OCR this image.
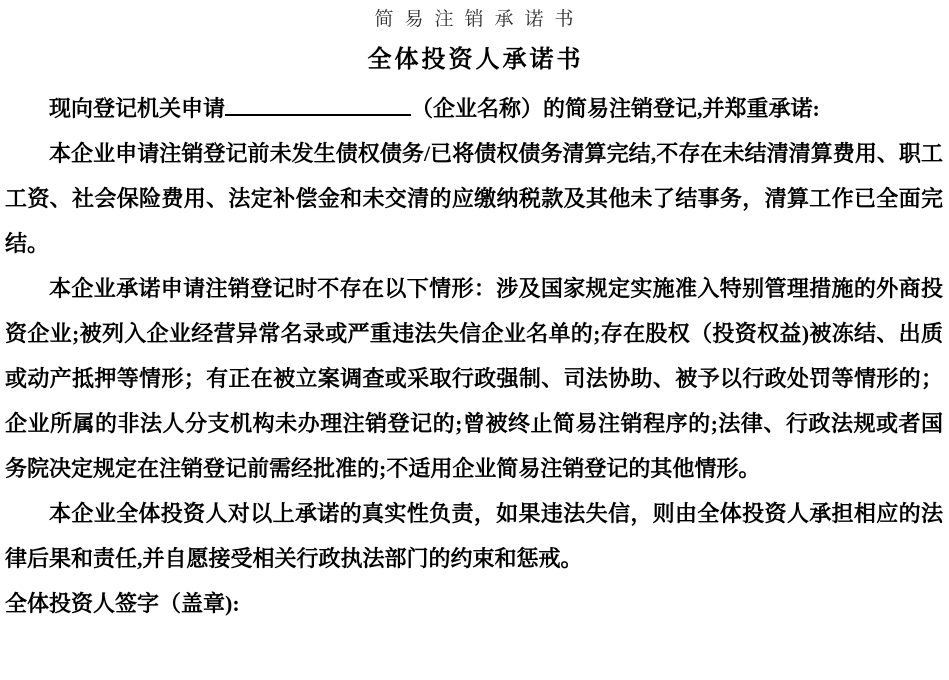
简易注销承诺书
全体投资人承诺书

现向登记机关申请	（企业名称）的简易注销登记,并郑重承诺:

本企业申请注销登记前未发生债权债务/已将债权债务清算完结,不存在未结清清算费用、职工工资、社会保险费用、法定补偿金和未交清的应缴纳税款及其他未了结事务，清算工作已全面完结。

本企业承诺申请注销登记时不存在以下情形：涉及国家规定实施准入特别管理措施的外商投资企业;被列入企业经营异常名录或严重违法失信企业名单的;存在股权（投资权益)被冻结、出质或动产抵押等情形；有正在被立案调查或采取行政强制、司法协助、被予以行政处罚等情形的；企业所属的非法人分支机构未办理注销登记的;曾被终止简易注销程序的;法律、行政法规或者国务院决定规定在注销登记前需经批准的;不适用企业简易注销登记的其他情形。

本企业全体投资人对以上承诺的真实性负责，如果违法失信，则由全体投资人承担相应的法律后果和责任,并自愿接受相关行政执法部门的约束和惩戒。

全体投资人签字（盖章):
